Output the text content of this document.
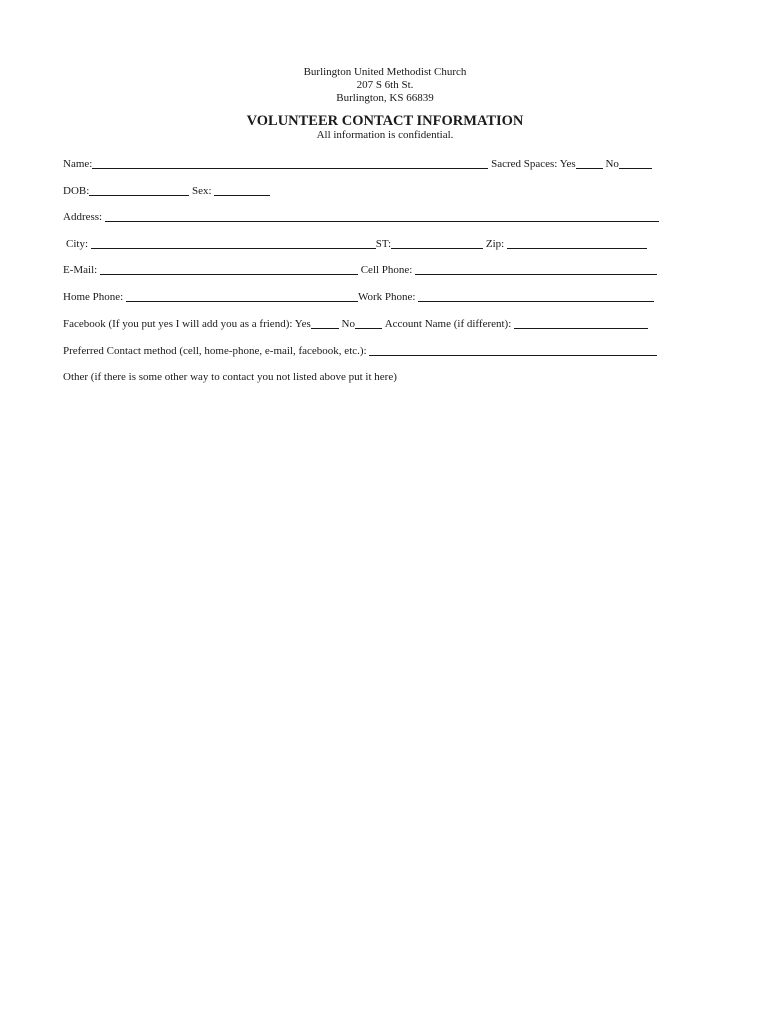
Burlington United Methodist Church
207 S 6th St.
Burlington, KS 66839
VOLUNTEER CONTACT INFORMATION
All information is confidential.
Name:	Sacred Spaces: Yes	No
DOB:	Sex:
Address:
City:	ST:	Zip:
E-Mail:	Cell Phone:
Home Phone:	Work Phone:
Facebook (If you put yes I will add you as a friend): Yes	No	Account Name (if different):
Preferred Contact method (cell, home-phone, e-mail, facebook, etc.):
Other (if there is some other way to contact you not listed above put it here)
